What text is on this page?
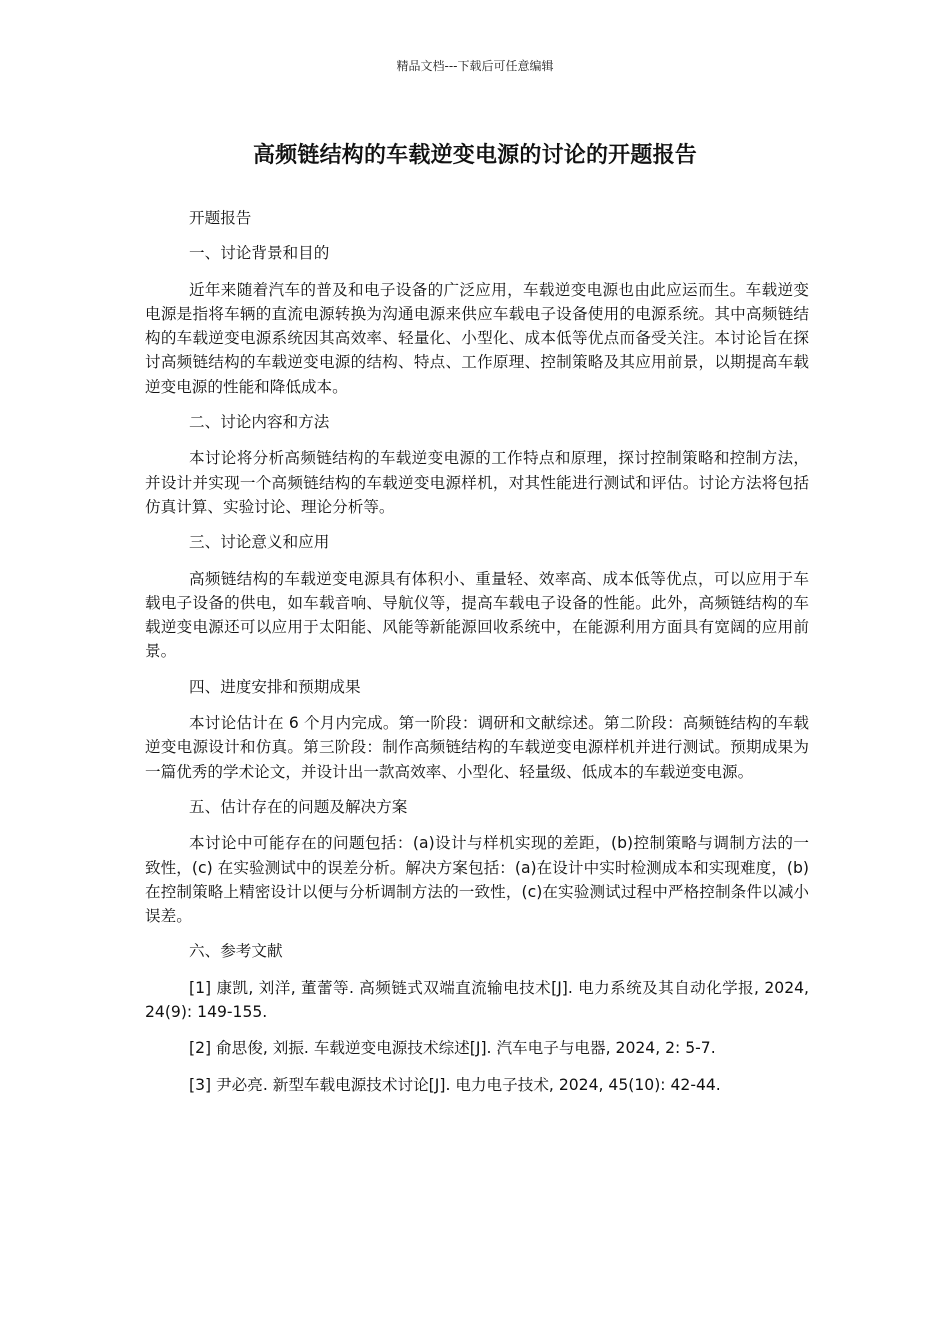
精品文档---下载后可任意编辑
高频链结构的车载逆变电源的讨论的开题报告

开题报告

一、讨论背景和目的

近年来随着汽车的普及和电子设备的广泛应用，车载逆变电源也由此应运而生。车载逆变电源是指将车辆的直流电源转换为沟通电源来供应车载电子设备使用的电源系统。其中高频链结构的车载逆变电源系统因其高效率、轻量化、小型化、成本低等优点而备受关注。本讨论旨在探讨高频链结构的车载逆变电源的结构、特点、工作原理、控制策略及其应用前景，以期提高车载逆变电源的性能和降低成本。

二、讨论内容和方法

本讨论将分析高频链结构的车载逆变电源的工作特点和原理，探讨控制策略和控制方法，并设计并实现一个高频链结构的车载逆变电源样机，对其性能进行测试和评估。讨论方法将包括仿真计算、实验讨论、理论分析等。

三、讨论意义和应用

高频链结构的车载逆变电源具有体积小、重量轻、效率高、成本低等优点，可以应用于车载电子设备的供电，如车载音响、导航仪等，提高车载电子设备的性能。此外，高频链结构的车载逆变电源还可以应用于太阳能、风能等新能源回收系统中，在能源利用方面具有宽阔的应用前景。

四、进度安排和预期成果

本讨论估计在 6 个月内完成。第一阶段：调研和文献综述。第二阶段：高频链结构的车载逆变电源设计和仿真。第三阶段：制作高频链结构的车载逆变电源样机并进行测试。预期成果为一篇优秀的学术论文，并设计出一款高效率、小型化、轻量级、低成本的车载逆变电源。

五、估计存在的问题及解决方案

本讨论中可能存在的问题包括：(a)设计与样机实现的差距，(b)控制策略与调制方法的一致性，(c) 在实验测试中的误差分析。解决方案包括：(a)在设计中实时检测成本和实现难度，(b)在控制策略上精密设计以便与分析调制方法的一致性，(c)在实验测试过程中严格控制条件以减小误差。

六、参考文献

[1] 康凯, 刘洋, 董蕾等. 高频链式双端直流输电技术[J]. 电力系统及其自动化学报, 2024, 24(9): 149-155.

[2] 俞思俊, 刘振. 车载逆变电源技术综述[J]. 汽车电子与电器, 2024, 2: 5-7.

[3] 尹必亮. 新型车载电源技术讨论[J]. 电力电子技术, 2024, 45(10): 42-44.
